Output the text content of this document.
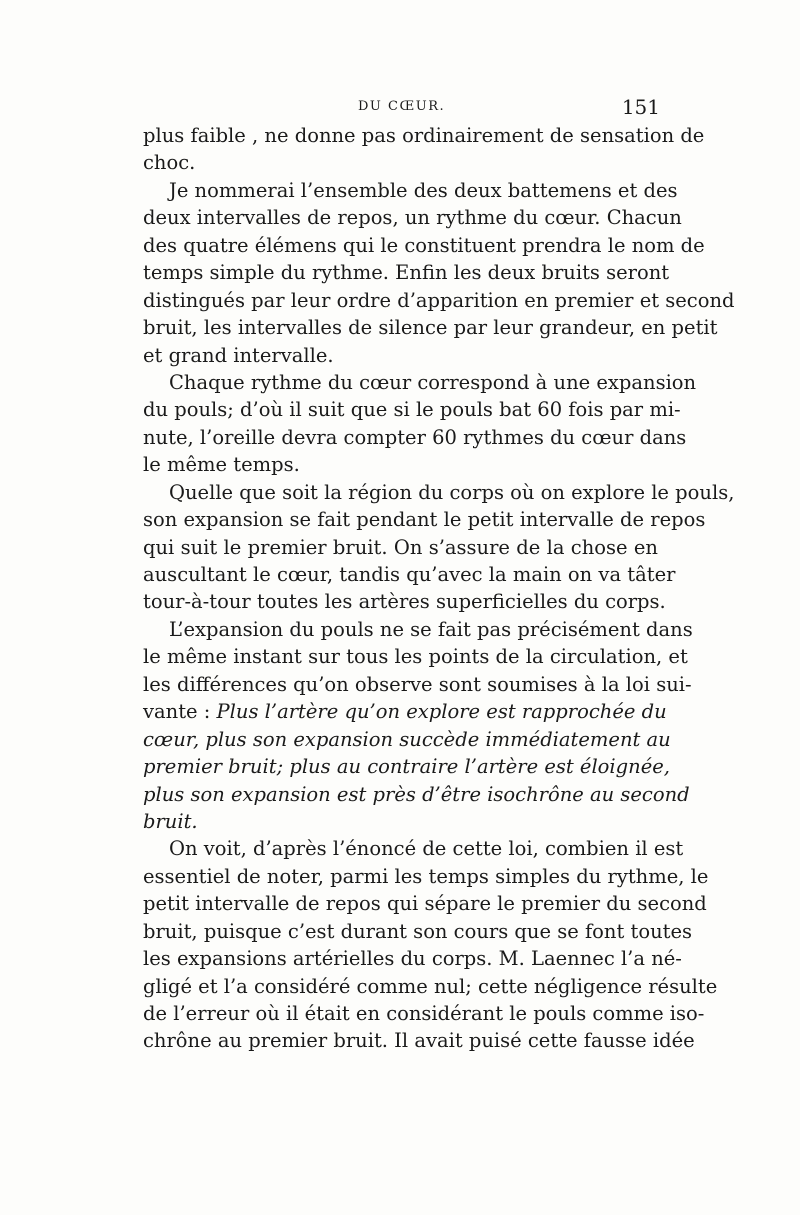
DU CŒUR.	151
plus faible , ne donne pas ordinairement de sensation de
choc.
Je nommerai l’ensemble des deux battemens et des
deux intervalles de repos, un rythme du cœur. Chacun
des quatre élémens qui le constituent prendra le nom de
temps simple du rythme. Enfin les deux bruits seront
distingués par leur ordre d’apparition en premier et second
bruit, les intervalles de silence par leur grandeur, en petit
et grand intervalle.
Chaque rythme du cœur correspond à une expansion
du pouls; d’où il suit que si le pouls bat 60 fois par mi-
nute, l’oreille devra compter 60 rythmes du cœur dans
le même temps.
Quelle que soit la région du corps où on explore le pouls,
son expansion se fait pendant le petit intervalle de repos
qui suit le premier bruit. On s’assure de la chose en
auscultant le cœur, tandis qu’avec la main on va tâter
tour-à-tour toutes les artères superficielles du corps.
L’expansion du pouls ne se fait pas précisément dans
le même instant sur tous les points de la circulation, et
les différences qu’on observe sont soumises à la loi sui-
vante : Plus l’artère qu’on explore est rapprochée du
cœur, plus son expansion succède immédiatement au
premier bruit; plus au contraire l’artère est éloignée,
plus son expansion est près d’être isochrône au second
bruit.
On voit, d’après l’énoncé de cette loi, combien il est
essentiel de noter, parmi les temps simples du rythme, le
petit intervalle de repos qui sépare le premier du second
bruit, puisque c’est durant son cours que se font toutes
les expansions artérielles du corps. M. Laennec l’a né-
gligé et l’a considéré comme nul; cette négligence résulte
de l’erreur où il était en considérant le pouls comme iso-
chrône au premier bruit. Il avait puisé cette fausse idée
